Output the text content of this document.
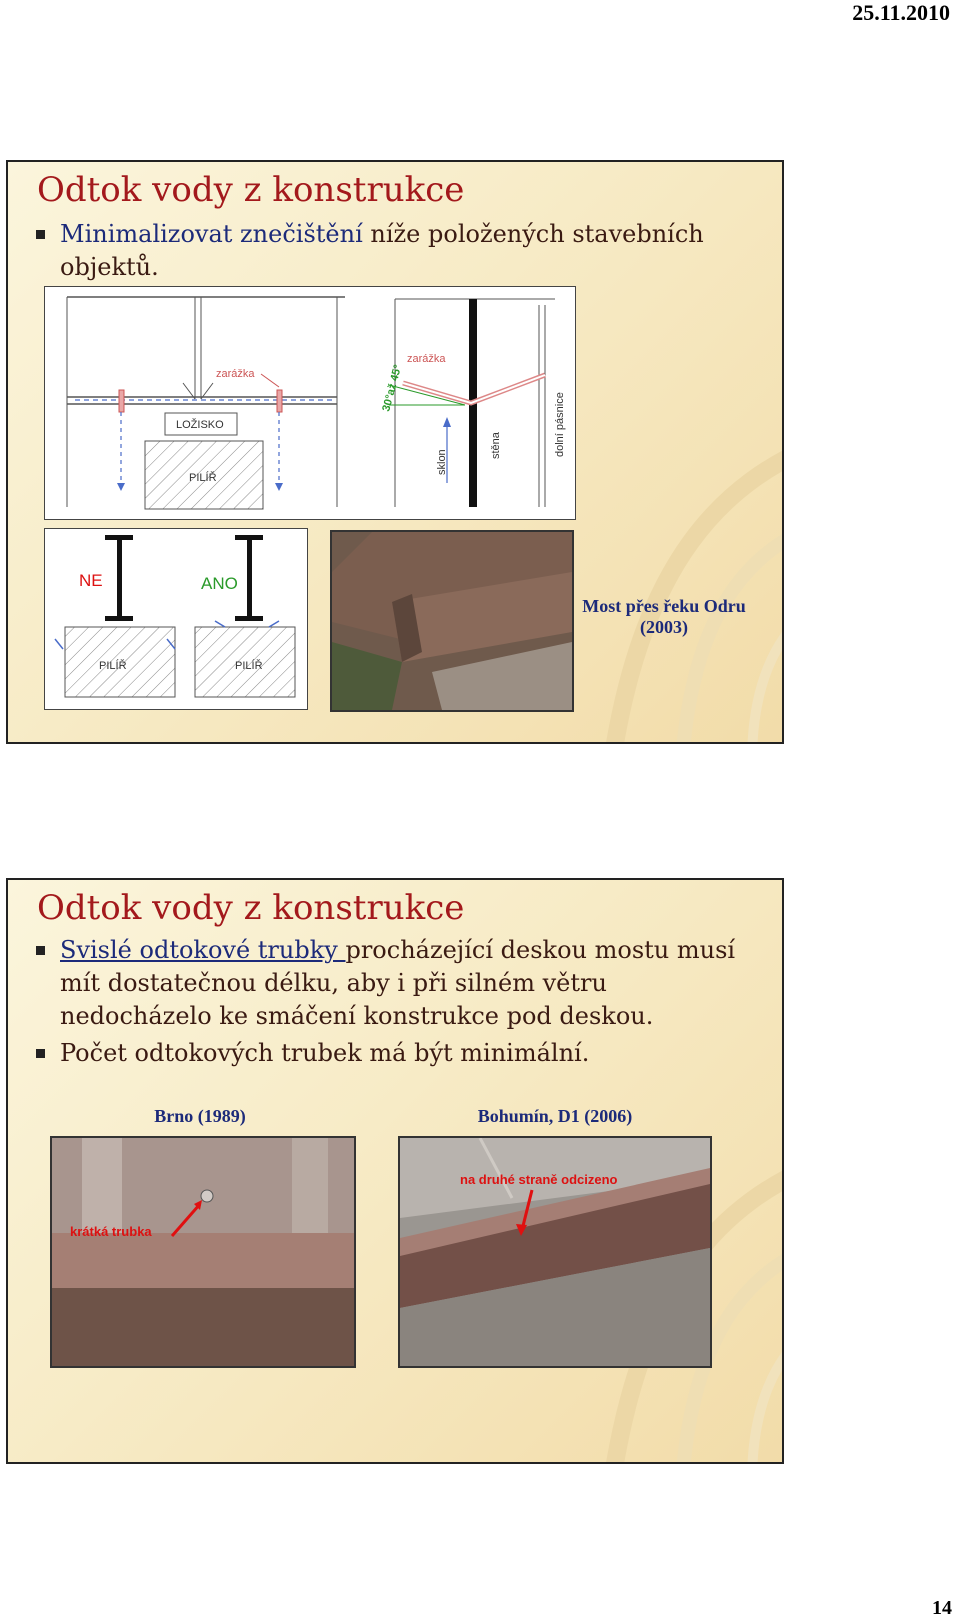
25.11.2010
Odtok vody z konstrukce
Minimalizovat znečištění níže položených stavebních objektů.
zarážka
LOŽISKO
PILÍŘ
30°až 45°
zarážka
sklon
stěna	dolní pásnice
NE	ANO
PILÍŘ	PILÍŘ
Most přes řeku Odru
(2003)
Odtok vody z konstrukce
Svislé odtokové trubky procházející deskou mostu musí mít dostatečnou délku, aby i při silném větru nedocházelo ke smáčení konstrukce pod deskou.
Počet odtokových trubek má být minimální.
Brno (1989)	Bohumín, D1 (2006)
krátká trubka
na druhé straně odcizeno
14
